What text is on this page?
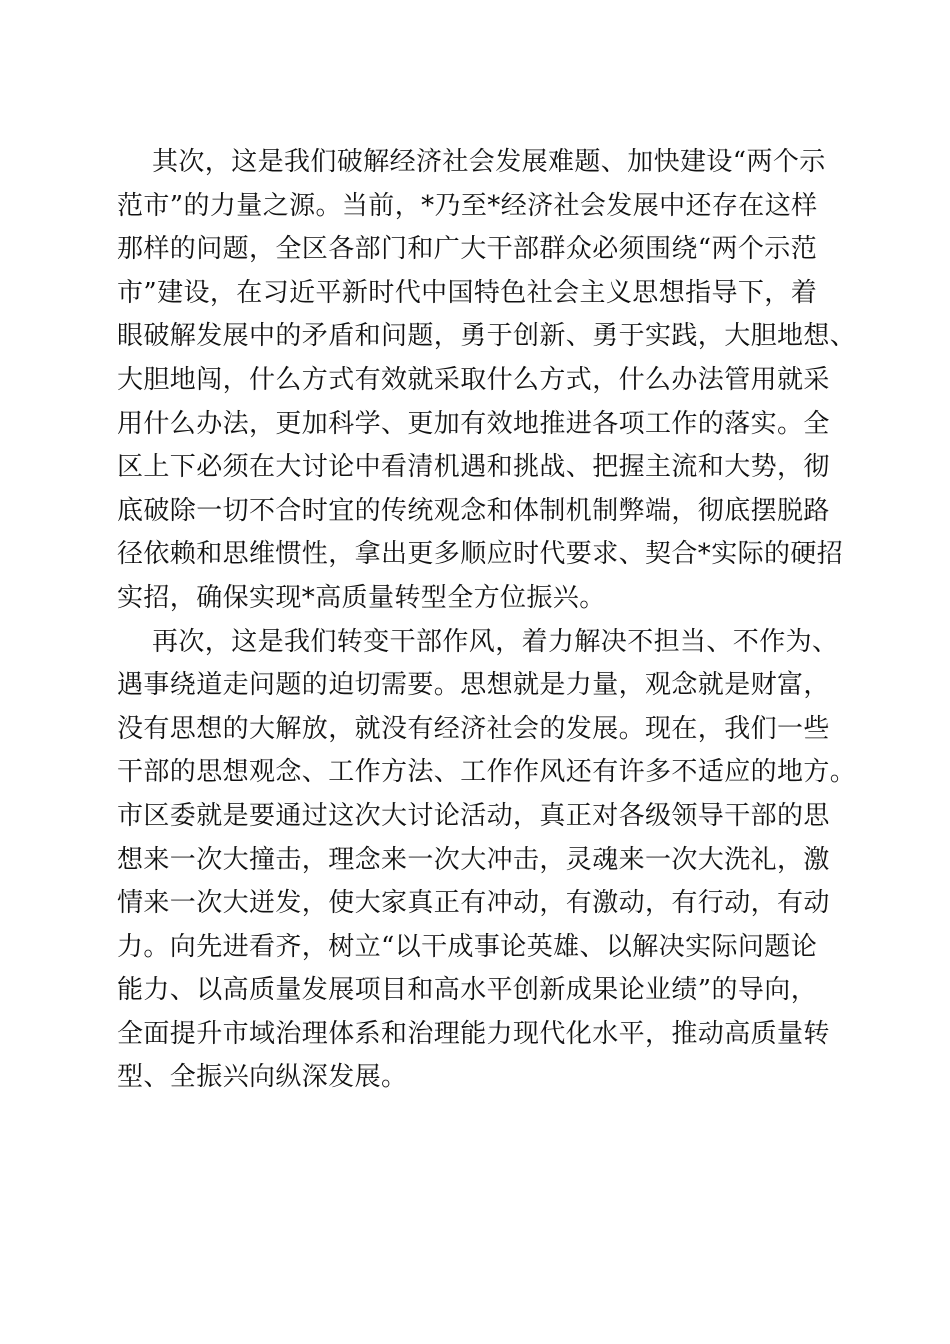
其次，这是我们破解经济社会发展难题、加快建设“两个示
范市”的力量之源。当前，*乃至*经济社会发展中还存在这样
那样的问题，全区各部门和广大干部群众必须围绕“两个示范
市”建设，在习近平新时代中国特色社会主义思想指导下，着
眼破解发展中的矛盾和问题，勇于创新、勇于实践，大胆地想、
大胆地闯，什么方式有效就采取什么方式，什么办法管用就采
用什么办法，更加科学、更加有效地推进各项工作的落实。全
区上下必须在大讨论中看清机遇和挑战、把握主流和大势，彻
底破除一切不合时宜的传统观念和体制机制弊端，彻底摆脱路
径依赖和思维惯性，拿出更多顺应时代要求、契合*实际的硬招
实招，确保实现*高质量转型全方位振兴。
再次，这是我们转变干部作风，着力解决不担当、不作为、
遇事绕道走问题的迫切需要。思想就是力量，观念就是财富，
没有思想的大解放，就没有经济社会的发展。现在，我们一些
干部的思想观念、工作方法、工作作风还有许多不适应的地方。
市区委就是要通过这次大讨论活动，真正对各级领导干部的思
想来一次大撞击，理念来一次大冲击，灵魂来一次大洗礼，激
情来一次大迸发，使大家真正有冲动，有激动，有行动，有动
力。向先进看齐，树立“以干成事论英雄、以解决实际问题论
能力、以高质量发展项目和高水平创新成果论业绩”的导向，
全面提升市域治理体系和治理能力现代化水平，推动高质量转
型、全振兴向纵深发展。
